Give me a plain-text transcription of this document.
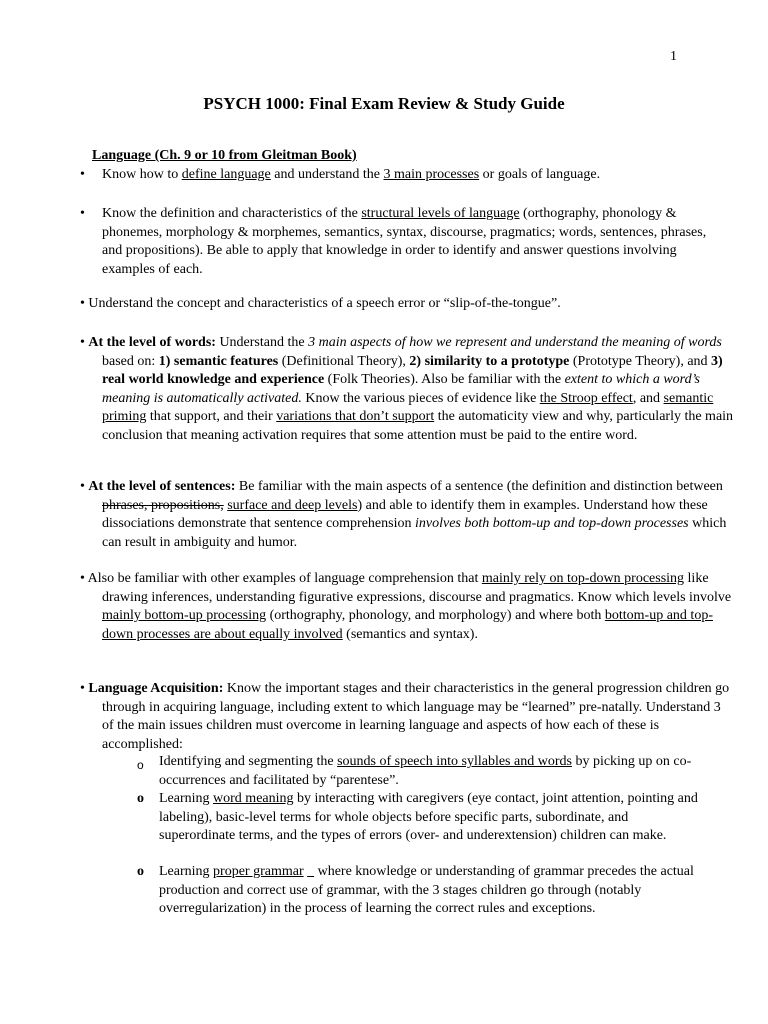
1
PSYCH 1000: Final Exam Review & Study Guide
Language (Ch. 9 or 10 from Gleitman Book)
• Know how to define language and understand the 3 main processes or goals of language.
• Know the definition and characteristics of the structural levels of language (orthography, phonology & phonemes, morphology & morphemes, semantics, syntax, discourse, pragmatics; words, sentences, phrases, and propositions). Be able to apply that knowledge in order to identify and answer questions involving examples of each.
• Understand the concept and characteristics of a speech error or “slip-of-the-tongue”.
• At the level of words: Understand the 3 main aspects of how we represent and understand the meaning of words based on: 1) semantic features (Definitional Theory), 2) similarity to a prototype (Prototype Theory), and 3) real world knowledge and experience (Folk Theories). Also be familiar with the extent to which a word’s meaning is automatically activated. Know the various pieces of evidence like the Stroop effect, and semantic priming that support, and their variations that don’t support the automaticity view and why, particularly the main conclusion that meaning activation requires that some attention must be paid to the entire word.
• At the level of sentences: Be familiar with the main aspects of a sentence (the definition and distinction between phrases, propositions, surface and deep levels) and able to identify them in examples. Understand how these dissociations demonstrate that sentence comprehension involves both bottom-up and top-down processes which can result in ambiguity and humor.
• Also be familiar with other examples of language comprehension that mainly rely on top-down processing like drawing inferences, understanding figurative expressions, discourse and pragmatics. Know which levels involve mainly bottom-up processing (orthography, phonology, and morphology) and where both bottom-up and top-down processes are about equally involved (semantics and syntax).
• Language Acquisition: Know the important stages and their characteristics in the general progression children go through in acquiring language, including extent to which language may be “learned” pre-natally. Understand 3 of the main issues children must overcome in learning language and aspects of how each of these is accomplished:
o Identifying and segmenting the sounds of speech into syllables and words by picking up on co-occurrences and facilitated by “parentese”.
o Learning word meaning by interacting with caregivers (eye contact, joint attention, pointing and labeling), basic-level terms for whole objects before specific parts, subordinate, and superordinate terms, and the types of errors (over- and underextension) children can make.
o Learning proper grammar    where knowledge or understanding of grammar precedes the actual production and correct use of grammar, with the 3 stages children go through (notably overregularization) in the process of learning the correct rules and exceptions.
